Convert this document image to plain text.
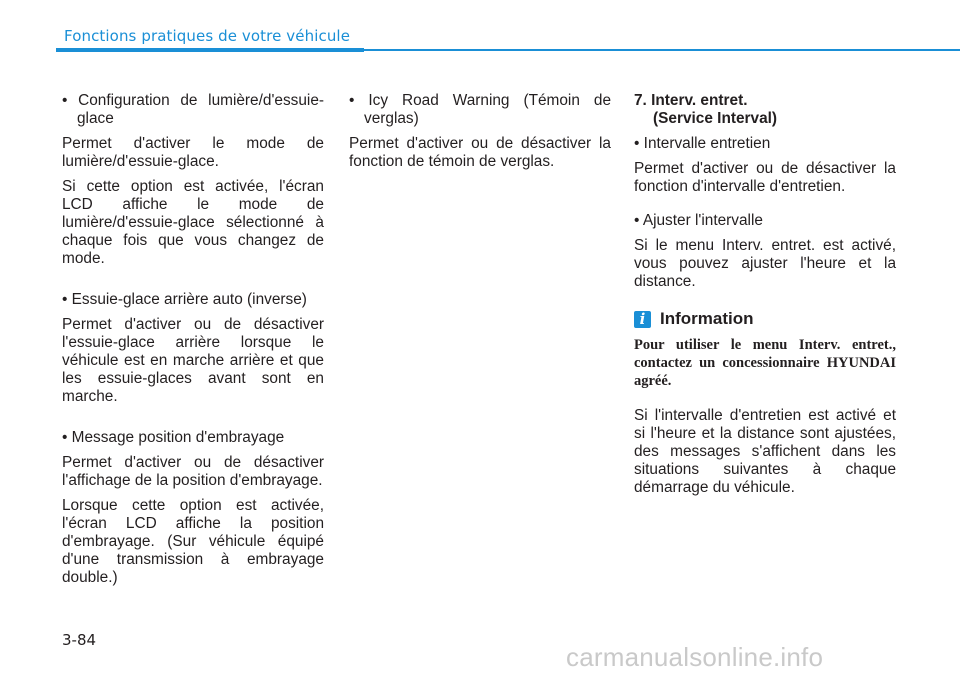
Fonctions pratiques de votre véhicule

• Configuration de lumière/d'essuie-glace

Permet d'activer le mode de lumière/d'essuie-glace.

Si cette option est activée, l'écran LCD affiche le mode de lumière/d'essuie-glace sélectionné à chaque fois que vous changez de mode.

• Essuie-glace arrière auto (inverse)

Permet d'activer ou de désactiver l'essuie-glace arrière lorsque le véhicule est en marche arrière et que les essuie-glaces avant sont en marche.

• Message position d'embrayage

Permet d'activer ou de désactiver l'affichage de la position d'embrayage.

Lorsque cette option est activée, l'écran LCD affiche la position d'embrayage. (Sur véhicule équipé d'une transmission à embrayage double.)

• Icy Road Warning (Témoin de verglas)

Permet d'activer ou de désactiver la fonction de témoin de verglas.

7. Interv. entret.

(Service Interval)

• Intervalle entretien

Permet d'activer ou de désactiver la fonction d'intervalle d'entretien.

• Ajuster l'intervalle

Si le menu Interv. entret. est activé, vous pouvez ajuster l'heure et la distance.

i Information

Pour utiliser le menu Interv. entret., contactez un concessionnaire HYUNDAI agréé.

Si l'intervalle d'entretien est activé et si l'heure et la distance sont ajustées, des messages s'affichent dans les situations suivantes à chaque démarrage du véhicule.

3-84
carmanualsonline.info
